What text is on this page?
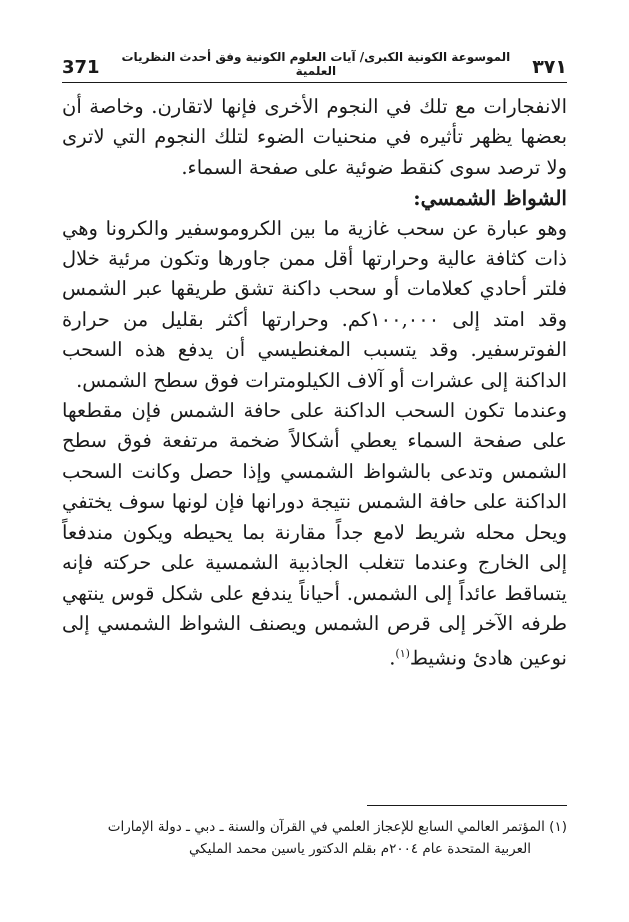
٣٧١
الموسوعة الكونية الكبرى/ آيات العلوم الكونية وفق أحدث النظريات العلمية
371

الانفجارات مع تلك في النجوم الأخرى فإنها لاتقارن. وخاصة أن بعضها يظهر تأثيره في منحنيات الضوء لتلك النجوم التي لاترى ولا ترصد سوى كنقط ضوئية على صفحة السماء.

الشواظ الشمسي:

وهو عبارة عن سحب غازية ما بين الكروموسفير والكرونا وهي ذات كثافة عالية وحرارتها أقل ممن جاورها وتكون مرئية خلال فلتر أحادي كعلامات أو سحب داكنة تشق طريقها عبر الشمس وقد امتد إلى ١٠٠,٠٠٠كم. وحرارتها أكثر بقليل من حرارة الفوترسفير. وقد يتسبب المغنطيسي أن يدفع هذه السحب الداكنة إلى عشرات أو آلاف الكيلومترات فوق سطح الشمس.

وعندما تكون السحب الداكنة على حافة الشمس فإن مقطعها على صفحة السماء يعطي أشكالاً ضخمة مرتفعة فوق سطح الشمس وتدعى بالشواظ الشمسي وإذا حصل وكانت السحب الداكنة على حافة الشمس نتيجة دورانها فإن لونها سوف يختفي ويحل محله شريط لامع جداً مقارنة بما يحيطه ويكون مندفعاً إلى الخارج وعندما تتغلب الجاذبية الشمسية على حركته فإنه يتساقط عائداً إلى الشمس. أحياناً يندفع على شكل قوس ينتهي طرفه الآخر إلى قرص الشمس ويصنف الشواظ الشمسي إلى نوعين هادئ ونشيط$^{(١)}$.

(١) المؤتمر العالمي السابع للإعجاز العلمي في القرآن والسنة ـ دبي ـ دولة الإمارات
العربية المتحدة عام ٢٠٠٤م بقلم الدكتور ياسين محمد المليكي
